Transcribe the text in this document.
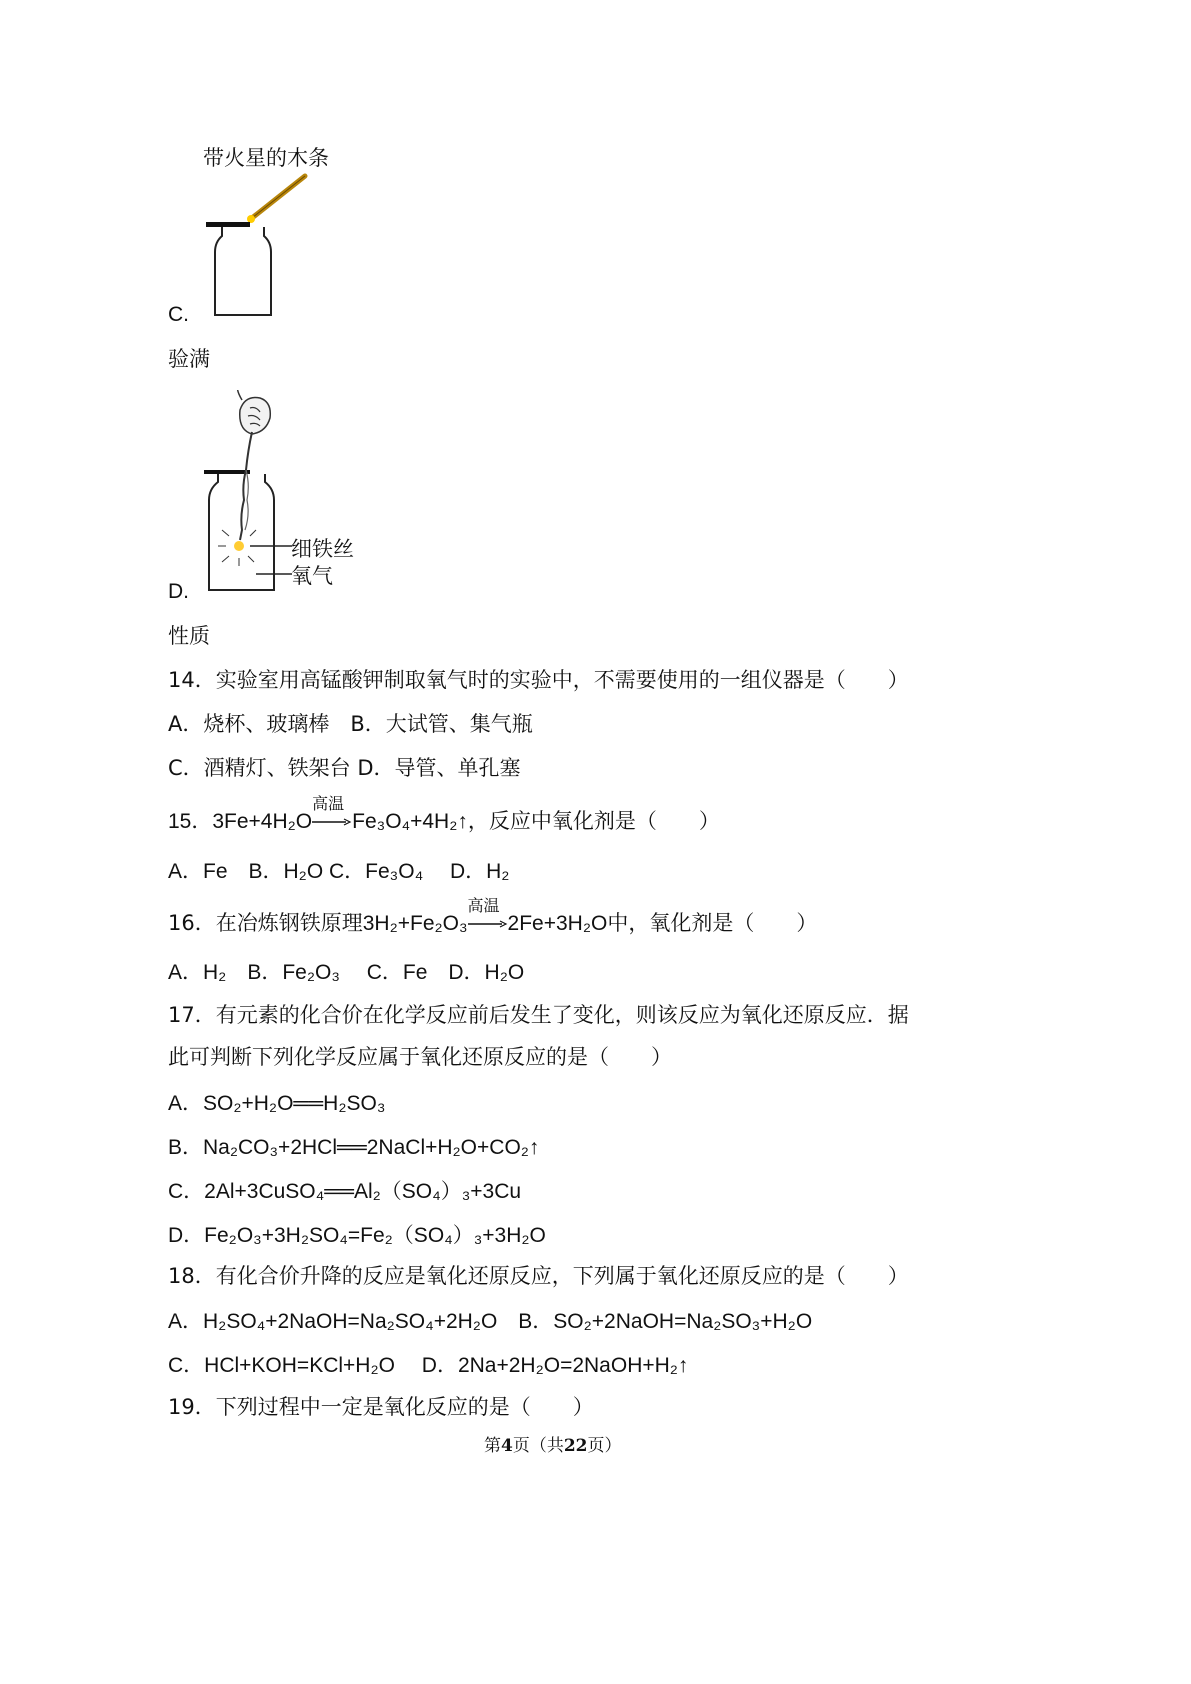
带火星的木条
C.
验满
细铁丝
氧气
D.
性质
14．实验室用高锰酸钾制取氧气时的实验中，不需要使用的一组仪器是（　　）
A．烧杯、玻璃棒　B．大试管、集气瓶
C．酒精灯、铁架台 D．导管、单孔塞
15．3Fe+4H₂O
高温
Fe₃O₄+4H₂↑，反应中氧化剂是（　　）
A．Fe　B．H₂O C．Fe₃O₄　 D．H₂
16．在冶炼钢铁原理3H₂+Fe₂O₃
高温
2Fe+3H₂O中，氧化剂是（　　）
A．H₂　B．Fe₂O₃　 C．Fe　D．H₂O
17．有元素的化合价在化学反应前后发生了变化，则该反应为氧化还原反应．据
此可判断下列化学反应属于氧化还原反应的是（　　）
A．SO₂+H₂O══H₂SO₃
B．Na₂CO₃+2HCl══2NaCl+H₂O+CO₂↑
C．2Al+3CuSO₄══Al₂（SO₄）₃+3Cu
D．Fe₂O₃+3H₂SO₄=Fe₂（SO₄）₃+3H₂O
18．有化合价升降的反应是氧化还原反应，下列属于氧化还原反应的是（　　）
A．H₂SO₄+2NaOH=Na₂SO₄+2H₂O　B．SO₂+2NaOH=Na₂SO₃+H₂O
C．HCl+KOH=KCl+H₂O　 D．2Na+2H₂O=2NaOH+H₂↑
19．下列过程中一定是氧化反应的是（　　）
第4页（共22页）
